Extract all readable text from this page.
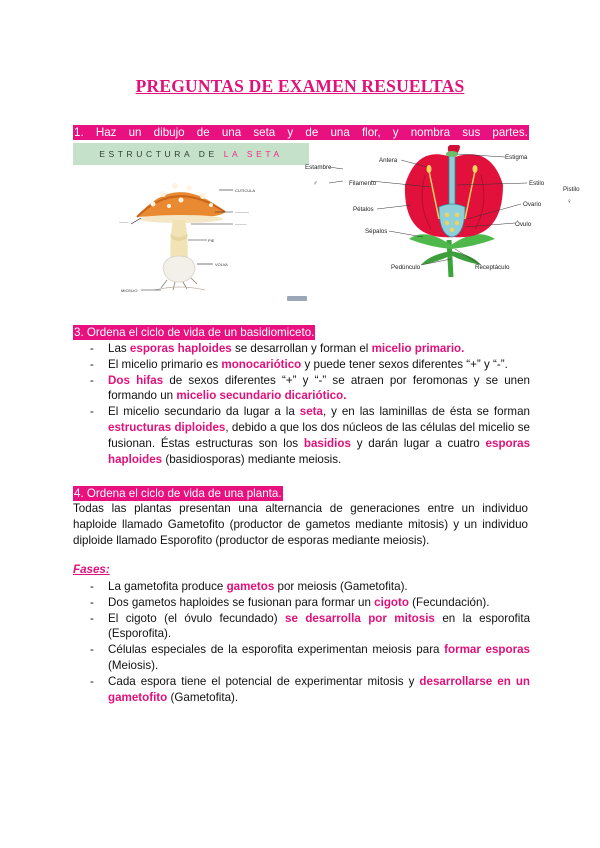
PREGUNTAS DE EXAMEN RESUELTAS
1. Haz un dibujo de una seta y de una flor, y nombra sus partes.
ESTRUCTURA DE LA SETA
CUTÍCULA
PIE
VOLVA
MICELIO
~~~~~~
~~~~~
~~~~
Estambre
♂
Antera
Filamento
Pétalos
Sépalos
Pedúnculo	Receptáculo
Estigma
Estilo
Ovario
Óvulo
Pistilo
♀
3. Ordena el ciclo de vida de un basidiomiceto.
- Las esporas haploides se desarrollan y forman el micelio primario.
- El micelio primario es monocariótico y puede tener sexos diferentes “+” y “-”.
- Dos hifas de sexos diferentes “+” y “-” se atraen por feromonas y se unen formando un micelio secundario dicariótico.
- El micelio secundario da lugar a la seta, y en las laminillas de ésta se forman estructuras diploides, debido a que los dos núcleos de las células del micelio se fusionan. Éstas estructuras son los basidios y darán lugar a cuatro esporas haploides (basidiosporas) mediante meiosis.
4. Ordena el ciclo de vida de una planta.
Todas las plantas presentan una alternancia de generaciones entre un individuo haploide llamado Gametofito (productor de gametos mediante mitosis) y un individuo diploide llamado Esporofito (productor de esporas mediante meiosis).
Fases:
- La gametofita produce gametos por meiosis (Gametofita).
- Dos gametos haploides se fusionan para formar un cigoto (Fecundación).
- El cigoto (el óvulo fecundado) se desarrolla por mitosis en la esporofita (Esporofita).
- Células especiales de la esporofita experimentan meiosis para formar esporas (Meiosis).
- Cada espora tiene el potencial de experimentar mitosis y desarrollarse en un gametofito (Gametofita).
